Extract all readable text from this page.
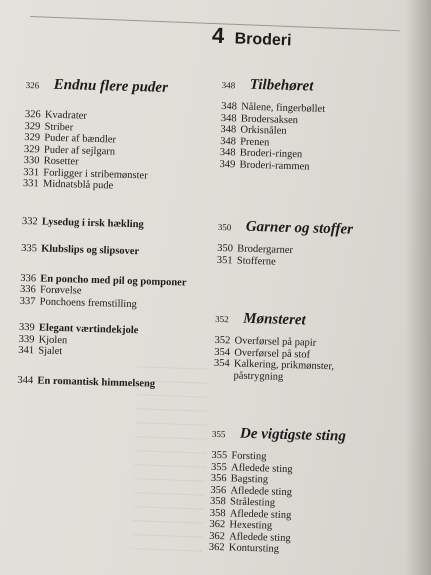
4 Broderi
326 Endnu flere puder
326 Kvadrater
329 Striber
329 Puder af bændler
329 Puder af sejlgarn
330 Rosetter
331 Forligger i stribemønster
331 Midnatsblå pude
332 Lysedug i irsk hækling
335 Klubslips og slipsover
336 En poncho med pil og pomponer
336 Forøvelse
337 Ponchoens fremstilling
339 Elegant værtindekjole
339 Kjolen
341 Sjalet
344 En romantisk himmelseng
348 Tilbehøret
348 Nålene, fingerbøllet
348 Brodersaksen
348 Orkisnålen
348 Prenen
348 Broderi-ringen
349 Broderi-rammen
350 Garner og stoffer
350 Brodergarner
351 Stofferne
352 Mønsteret
352 Overførsel på papir
354 Overførsel på stof
354 Kalkering, prikmønster,
påstrygning
355 De vigtigste sting
355 Forsting
355 Afledede sting
356 Bagsting
356 Afledede sting
358 Strålesting
358 Afledede sting
362 Hexesting
362 Afledede sting
362 Kontursting
